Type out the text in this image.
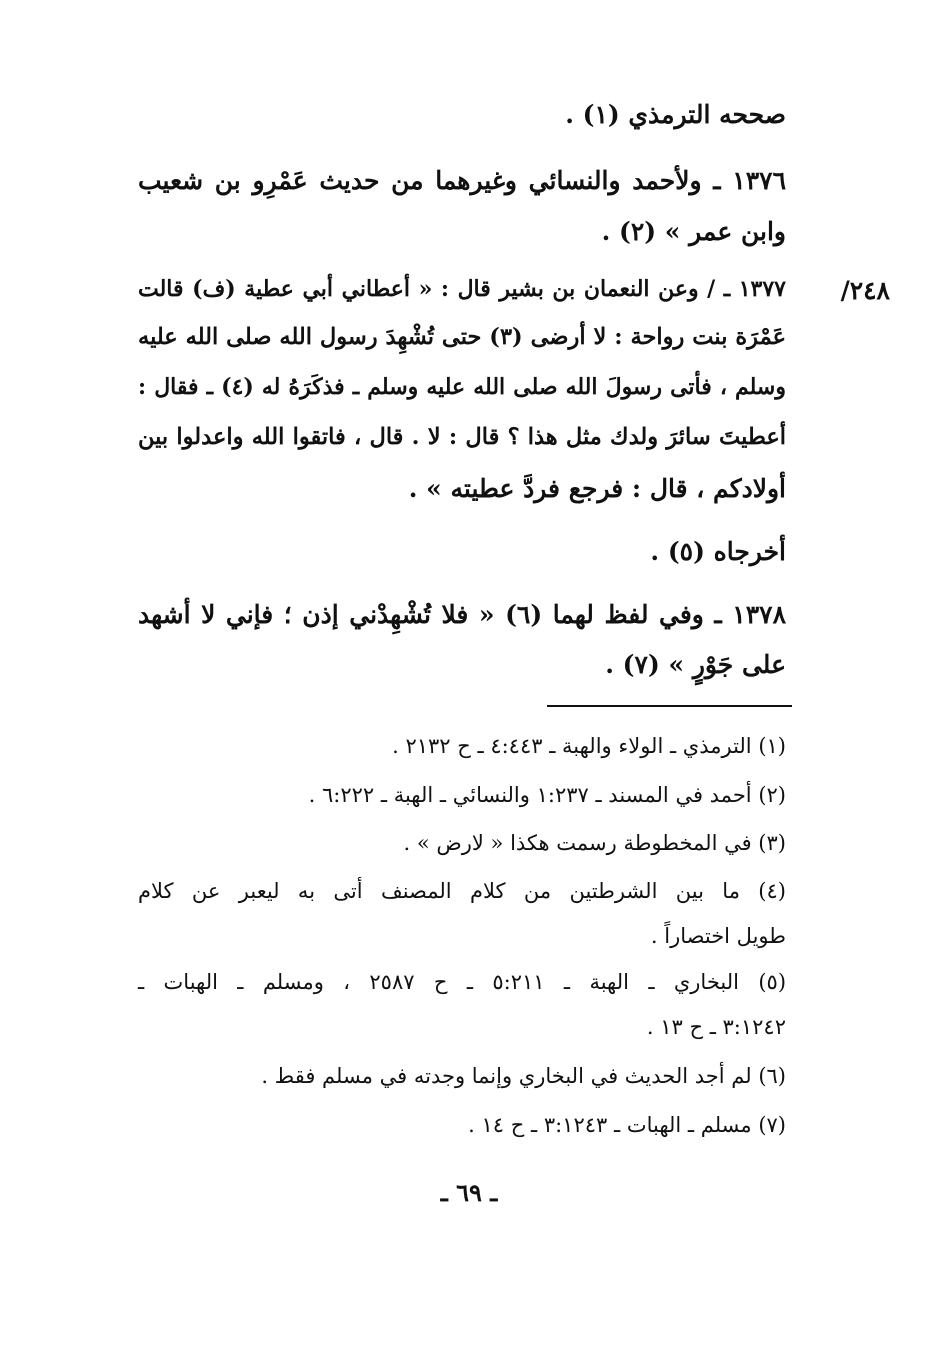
٢٤٨/

صححه الترمذي (١) .

١٣٧٦ ـ ولأحمد والنسائي وغيرهما من حديث عَمْرِو بن شعيب

وابن عمر » (٢) .

١٣٧٧ ـ / وعن النعمان بن بشير قال : « أعطاني أبي عطية (ف) قالت

عَمْرَة بنت رواحة : لا أرضى (٣) حتى تُشْهِدَ رسول الله صلى الله عليه

وسلم ، فأتى رسولَ الله صلى الله عليه وسلم ـ فذكَرَهُ له (٤) ـ فقال :

أعطيتَ سائرَ ولدك مثل هذا ؟ قال : لا . قال ، فاتقوا الله واعدلوا بين

أولادكم ، قال : فرجع فردَّ عطيته » .

أخرجاه (٥) .

١٣٧٨ ـ وفي لفظ لهما (٦) « فلا تُشْهِدْني إذن ؛ فإني لا أشهد

على جَوْرٍ » (٧) .

(١) الترمذي ـ الولاء والهبة ـ ٤:٤٤٣ ـ ح ٢١٣٢ .

(٢) أحمد في المسند ـ ١:٢٣٧ والنسائي ـ الهبة ـ ٦:٢٢٢ .

(٣) في المخطوطة رسمت هكذا « لارض » .

(٤) ما بين الشرطتين من كلام المصنف أتى به ليعبر عن كلام

طويل اختصاراً .

(٥) البخاري ـ الهبة ـ ٥:٢١١ ـ ح ٢٥٨٧ ، ومسلم ـ الهبات ـ

٣:١٢٤٢ ـ ح ١٣ .

(٦) لم أجد الحديث في البخاري وإنما وجدته في مسلم فقط .

(٧) مسلم ـ الهبات ـ ٣:١٢٤٣ ـ ح ١٤ .

ـ ٦٩ ـ
